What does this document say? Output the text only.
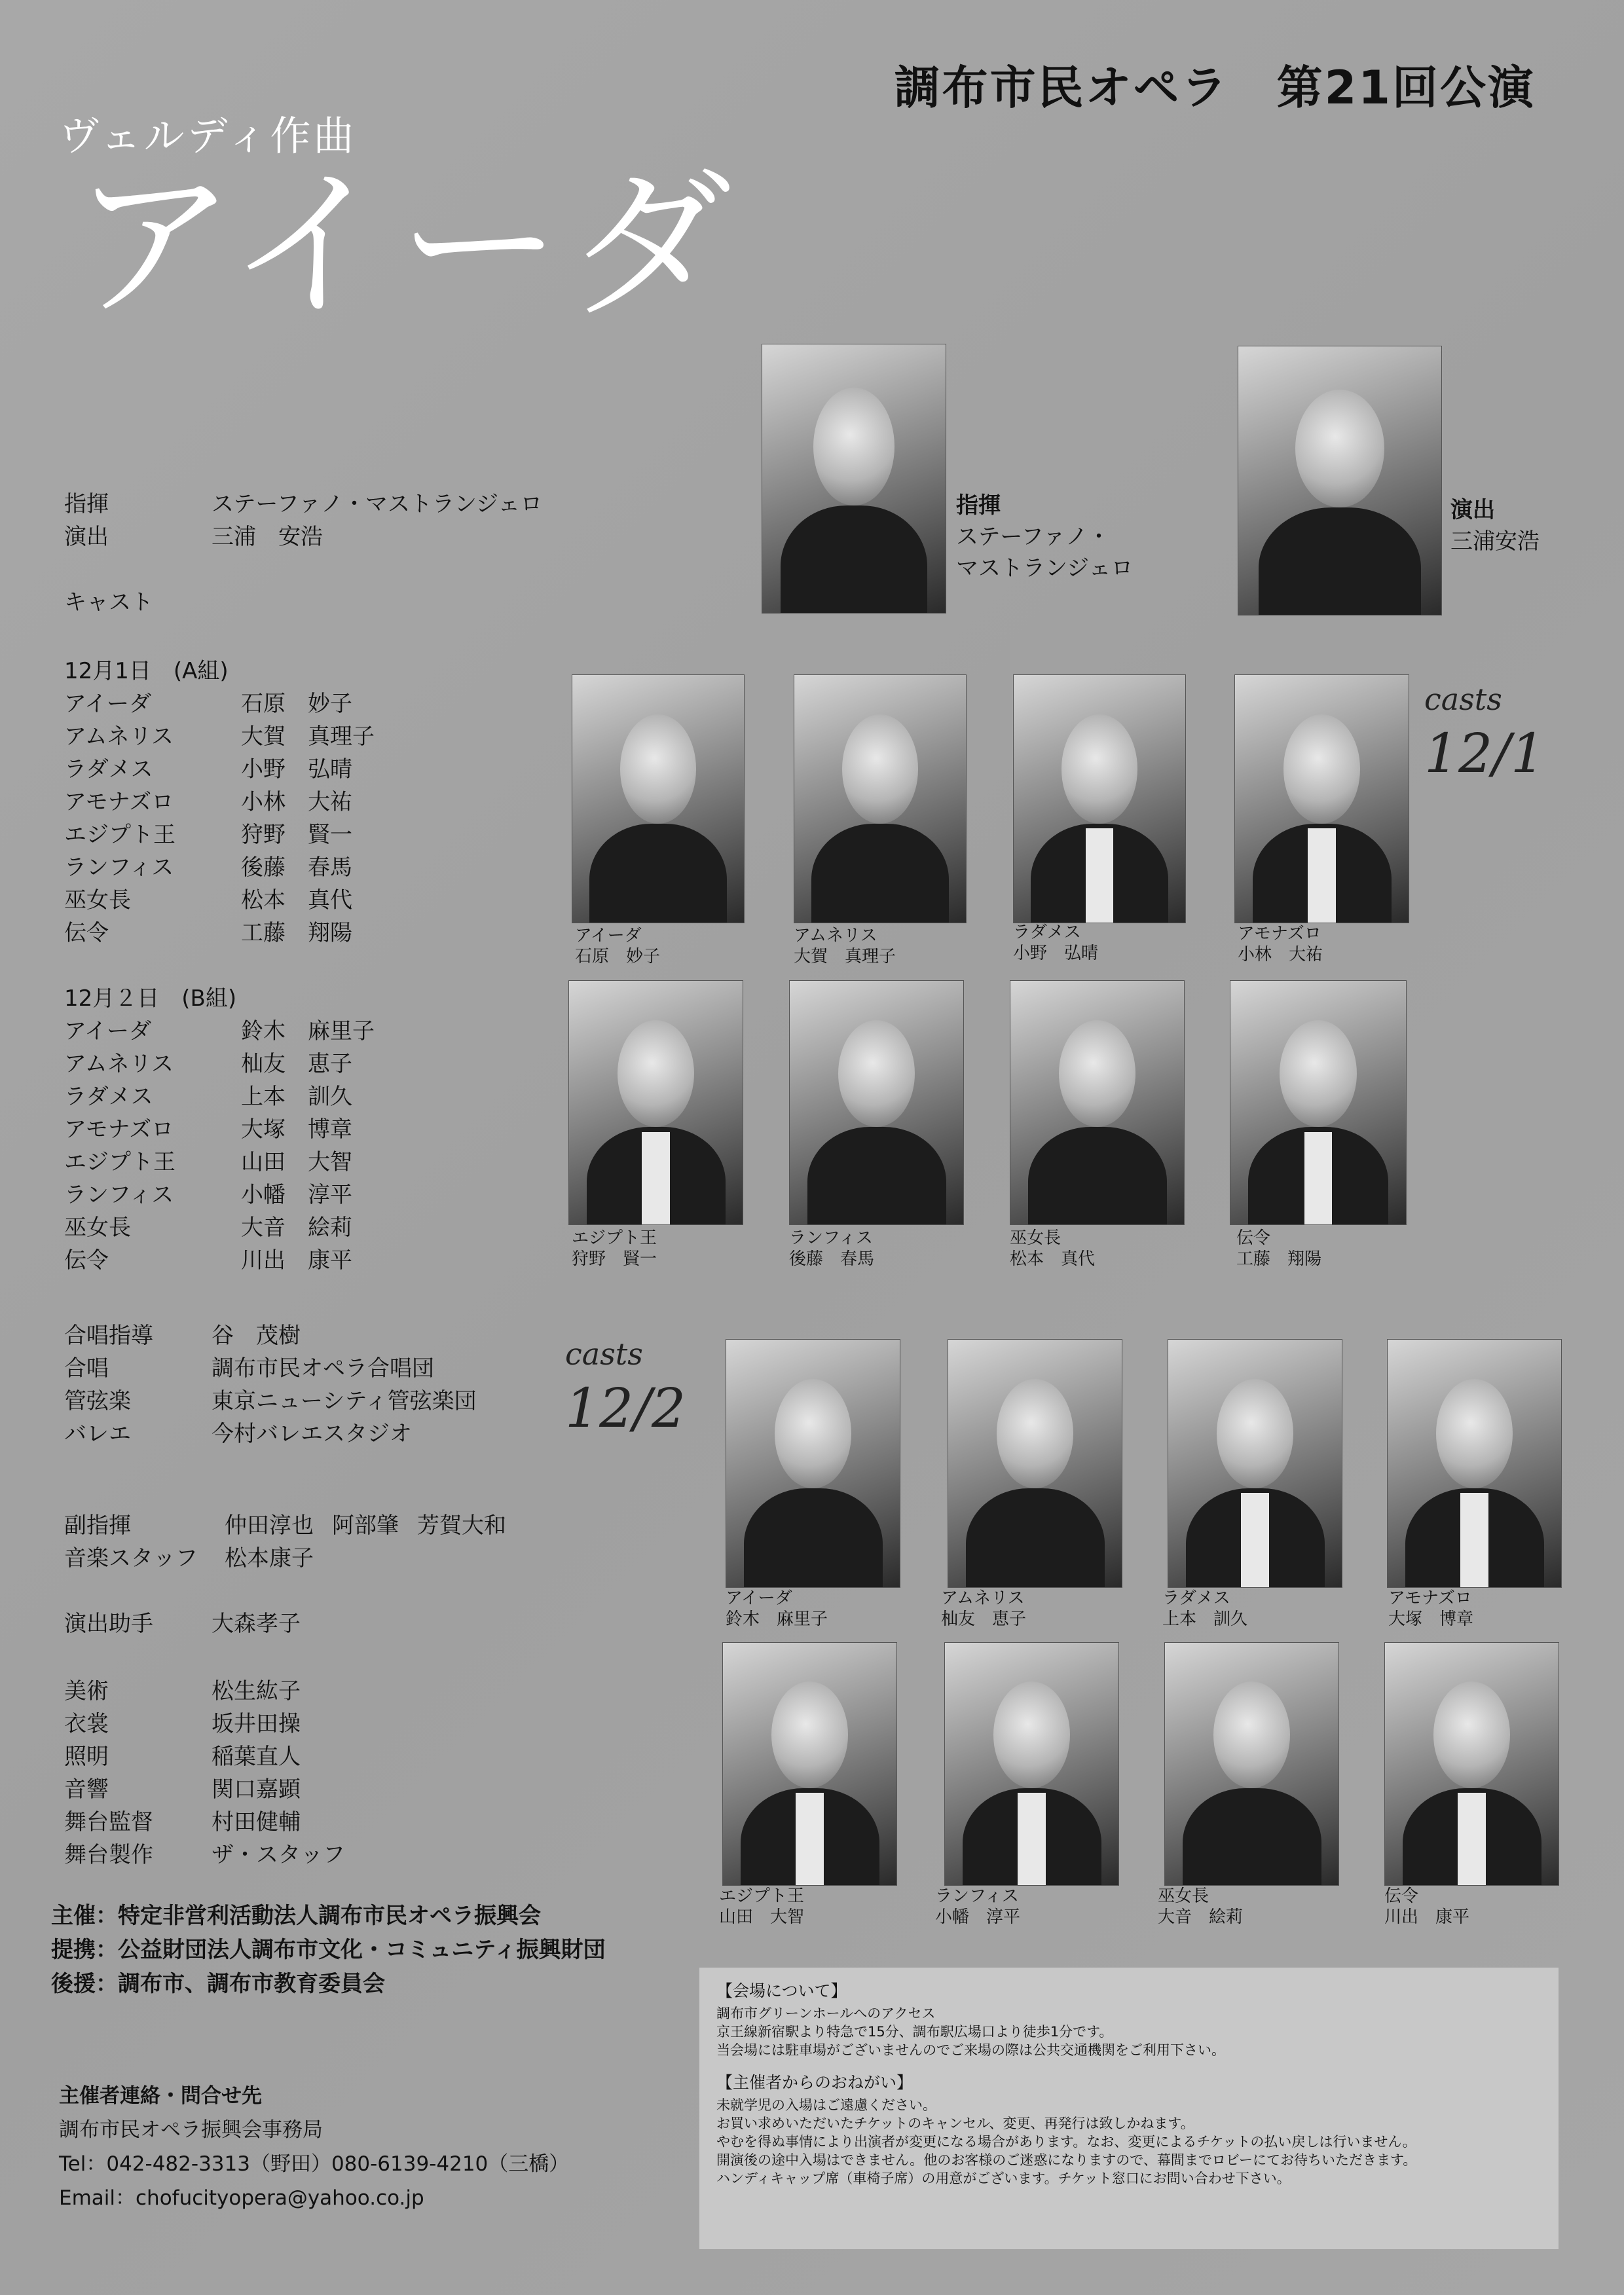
調布市民オペラ　第21回公演
ヴェルディ作曲
アイーダ
指揮
ステーファノ・
マストランジェロ
演出
三浦安浩
指揮	ステーファノ・マストランジェロ
演出	三浦　安浩
キャスト
12月1日　(A組)
アイーダ	石原　妙子
アムネリス	大賀　真理子
ラダメス	小野　弘晴
アモナズロ	小林　大祐
エジプト王	狩野　賢一
ランフィス	後藤　春馬
巫女長	松本　真代
伝令	工藤　翔陽
12月２日　(B組)
アイーダ	鈴木　麻里子
アムネリス	杣友　恵子
ラダメス	上本　訓久
アモナズロ	大塚　博章
エジプト王	山田　大智
ランフィス	小幡　淳平
巫女長	大音　絵莉
伝令	川出　康平
合唱指導	谷　茂樹
合唱	調布市民オペラ合唱団
管弦楽	東京ニューシティ管弦楽団
バレエ	今村バレエスタジオ
副指揮	仲田淳也 阿部肇 芳賀大和
音楽スタッフ	松本康子
演出助手	大森孝子
美術	松生紘子
衣裳	坂井田操
照明	稲葉直人
音響	関口嘉顕
舞台監督	村田健輔
舞台製作	ザ・スタッフ
主催：特定非営利活動法人調布市民オペラ振興会
提携：公益財団法人調布市文化・コミュニティ振興財団
後援：調布市、調布市教育委員会
主催者連絡・問合せ先
調布市民オペラ振興会事務局
Tel：042-482-3313（野田）080-6139-4210（三橋）
Email：chofucityopera@yahoo.co.jp
casts
12/1
casts
12/2
アイーダ
石原　妙子
アムネリス
大賀　真理子
ラダメス
小野　弘晴
アモナズロ
小林　大祐
エジプト王
狩野　賢一
ランフィス
後藤　春馬
巫女長
松本　真代
伝令
工藤　翔陽
アイーダ
鈴木　麻里子
アムネリス
杣友　恵子
ラダメス
上本　訓久
アモナズロ
大塚　博章
エジプト王
山田　大智
ランフィス
小幡　淳平
巫女長
大音　絵莉
伝令
川出　康平
【会場について】
調布市グリーンホールへのアクセス
京王線新宿駅より特急で15分、調布駅広場口より徒歩1分です。
当会場には駐車場がございませんのでご来場の際は公共交通機関をご利用下さい。
【主催者からのおねがい】
未就学児の入場はご遠慮ください。
お買い求めいただいたチケットのキャンセル、変更、再発行は致しかねます。
やむを得ぬ事情により出演者が変更になる場合があります。なお、変更によるチケットの払い戻しは行いません。
開演後の途中入場はできません。他のお客様のご迷惑になりますので、幕間までロビーにてお待ちいただきます。
ハンディキャップ席（車椅子席）の用意がございます。チケット窓口にお問い合わせ下さい。
